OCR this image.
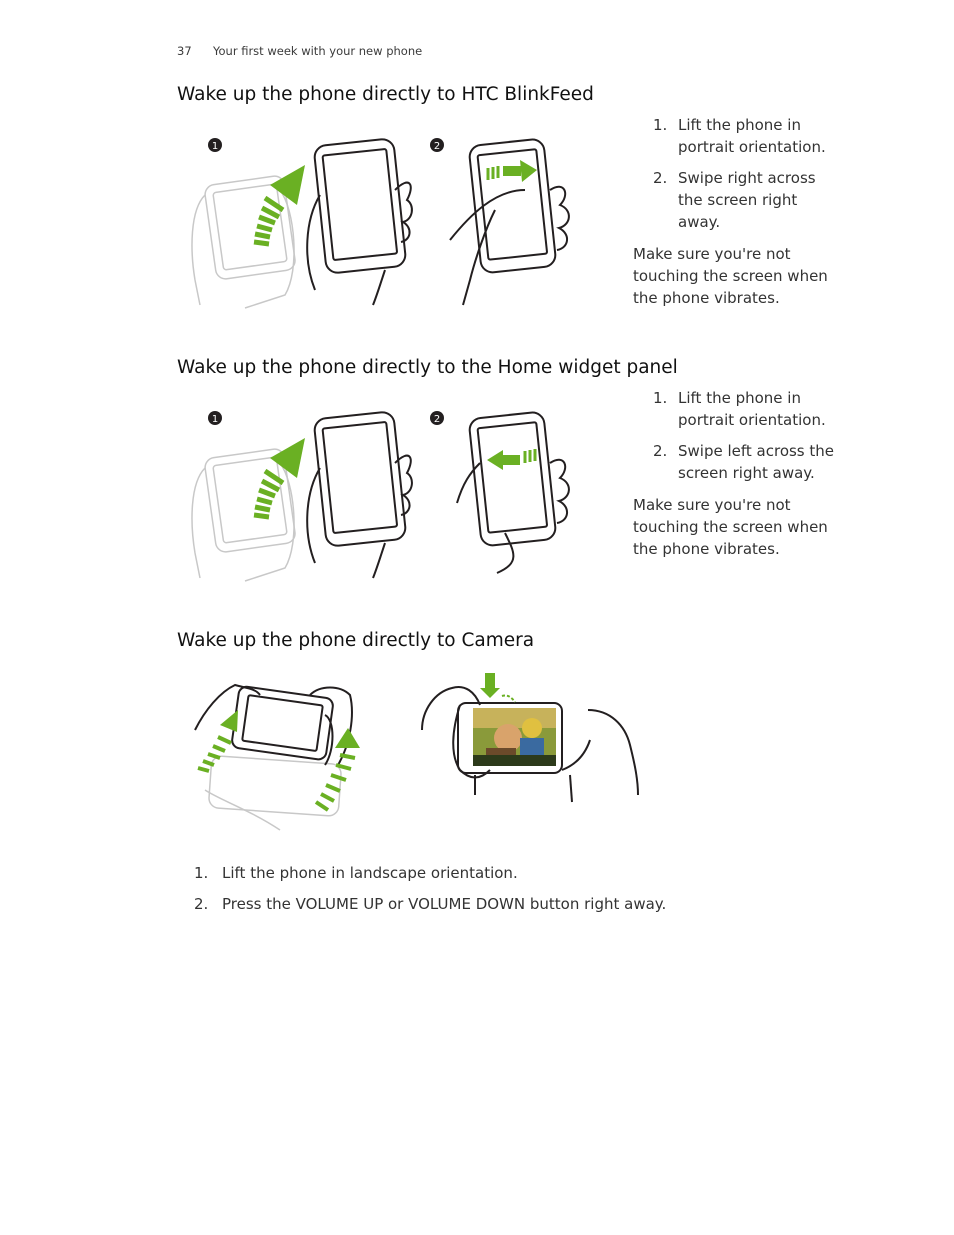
37 Your first week with your new phone
Wake up the phone directly to HTC BlinkFeed
1	2
1. Lift the phone in
portrait orientation.
2. Swipe right across
the screen right
away.

Make sure you're not
touching the screen when
the phone vibrates.

Wake up the phone directly to the Home widget panel
1	2
1. Lift the phone in
portrait orientation.
2. Swipe left across the
screen right away.

Make sure you're not
touching the screen when
the phone vibrates.

Wake up the phone directly to Camera
1. Lift the phone in landscape orientation.
2. Press the VOLUME UP or VOLUME DOWN button right away.
